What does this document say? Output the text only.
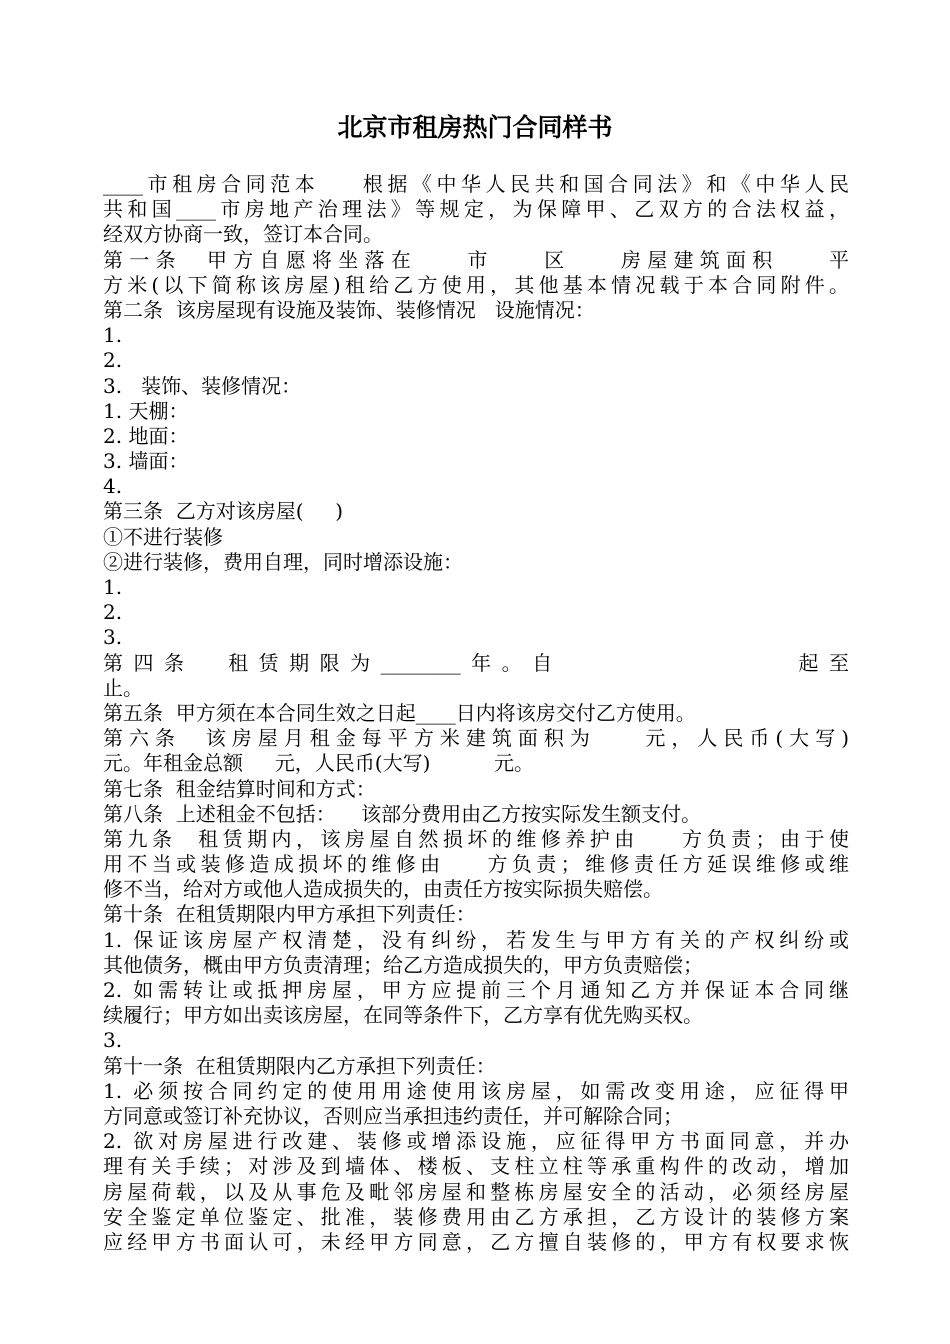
北京市租房热门合同样书
____市租房合同范本    根据《中华人民共和国合同法》和《中华人民
共和国____市房地产治理法》等规定，为保障甲、乙双方的合法权益，
经双方协商一致，签订本合同。
第一条  甲方自愿将坐落在    市    区    房屋建筑面积    平
方米(以下简称该房屋)租给乙方使用，其他基本情况载于本合同附件。
第二条  该房屋现有设施及装饰、装修情况   设施情况：
1.
2.
3.   装饰、装修情况：
1. 天棚：
2. 地面：
3. 墙面：
4.
第三条  乙方对该房屋(     )
①不进行装修
②进行装修，费用自理，同时增添设施：
1.
2.
3.
第四条  租赁期限为________年。自              起至
止。
第五条  甲方须在本合同生效之日起____日内将该房交付乙方使用。
第六条  该房屋月租金每平方米建筑面积为    元，人民币(大写)
元。年租金总额     元，人民币(大写)          元。
第七条  租金结算时间和方式：
第八条  上述租金不包括：    该部分费用由乙方按实际发生额支付。
第九条  租赁期内，该房屋自然损坏的维修养护由    方负责；由于使
用不当或装修造成损坏的维修由    方负责；维修责任方延误维修或维
修不当，给对方或他人造成损失的，由责任方按实际损失赔偿。
第十条  在租赁期限内甲方承担下列责任：
1. 保证该房屋产权清楚，没有纠纷，若发生与甲方有关的产权纠纷或
其他债务，概由甲方负责清理；给乙方造成损失的，甲方负责赔偿；
2. 如需转让或抵押房屋，甲方应提前三个月通知乙方并保证本合同继
续履行；甲方如出卖该房屋，在同等条件下，乙方享有优先购买权。
3.
第十一条  在租赁期限内乙方承担下列责任：
1. 必须按合同约定的使用用途使用该房屋，如需改变用途，应征得甲
方同意或签订补充协议，否则应当承担违约责任，并可解除合同；
2. 欲对房屋进行改建、装修或增添设施，应征得甲方书面同意，并办
理有关手续；对涉及到墙体、楼板、支柱立柱等承重构件的改动，增加
房屋荷载，以及从事危及毗邻房屋和整栋房屋安全的活动，必须经房屋
安全鉴定单位鉴定、批准，装修费用由乙方承担，乙方设计的装修方案
应经甲方书面认可，未经甲方同意，乙方擅自装修的，甲方有权要求恢
